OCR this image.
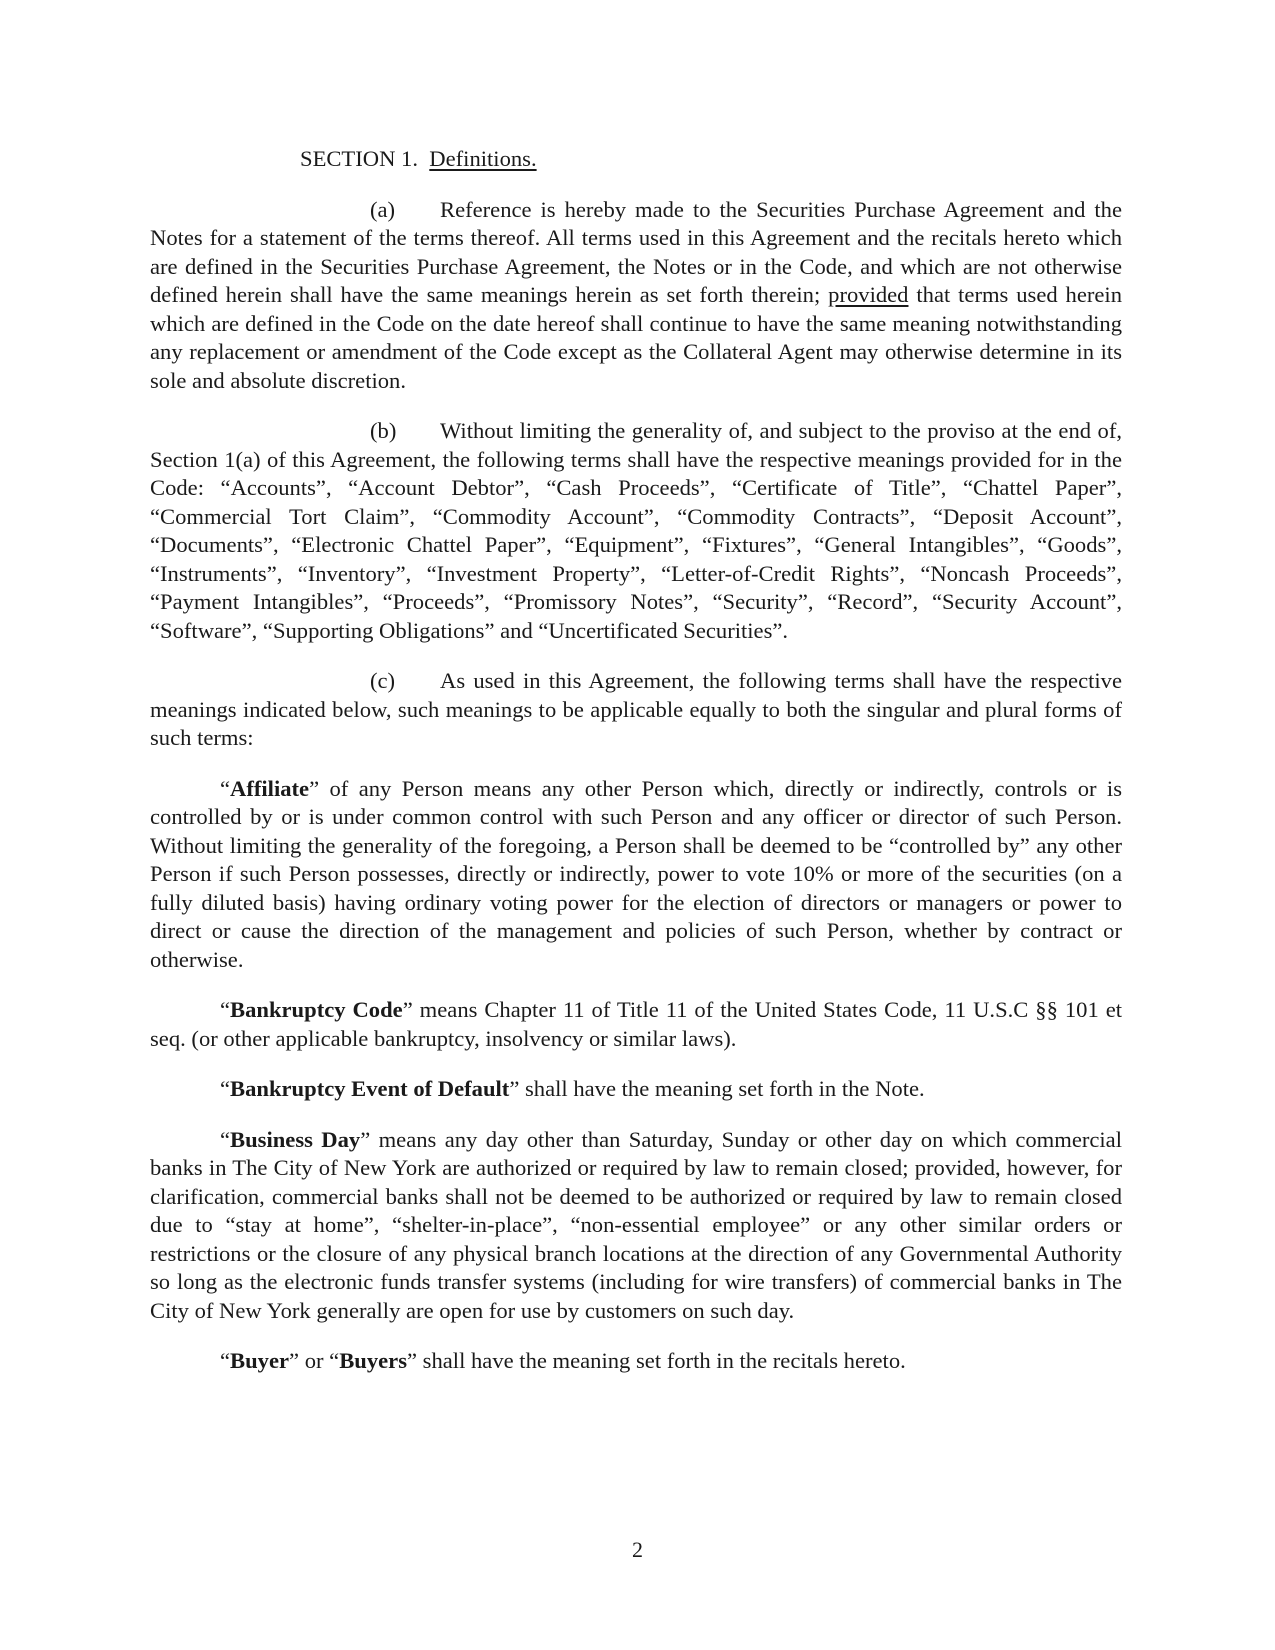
SECTION 1. Definitions.

(a) Reference is hereby made to the Securities Purchase Agreement and the Notes for a statement of the terms thereof. All terms used in this Agreement and the recitals hereto which are defined in the Securities Purchase Agreement, the Notes or in the Code, and which are not otherwise defined herein shall have the same meanings herein as set forth therein; provided that terms used herein which are defined in the Code on the date hereof shall continue to have the same meaning notwithstanding any replacement or amendment of the Code except as the Collateral Agent may otherwise determine in its sole and absolute discretion.

(b) Without limiting the generality of, and subject to the proviso at the end of, Section 1(a) of this Agreement, the following terms shall have the respective meanings provided for in the Code: “Accounts”, “Account Debtor”, “Cash Proceeds”, “Certificate of Title”, “Chattel Paper”, “Commercial Tort Claim”, “Commodity Account”, “Commodity Contracts”, “Deposit Account”, “Documents”, “Electronic Chattel Paper”, “Equipment”, “Fixtures”, “General Intangibles”, “Goods”, “Instruments”, “Inventory”, “Investment Property”, “Letter-of-Credit Rights”, “Noncash Proceeds”, “Payment Intangibles”, “Proceeds”, “Promissory Notes”, “Security”, “Record”, “Security Account”, “Software”, “Supporting Obligations” and “Uncertificated Securities”.

(c) As used in this Agreement, the following terms shall have the respective meanings indicated below, such meanings to be applicable equally to both the singular and plural forms of such terms:

“Affiliate” of any Person means any other Person which, directly or indirectly, controls or is controlled by or is under common control with such Person and any officer or director of such Person. Without limiting the generality of the foregoing, a Person shall be deemed to be “controlled by” any other Person if such Person possesses, directly or indirectly, power to vote 10% or more of the securities (on a fully diluted basis) having ordinary voting power for the election of directors or managers or power to direct or cause the direction of the management and policies of such Person, whether by contract or otherwise.

“Bankruptcy Code” means Chapter 11 of Title 11 of the United States Code, 11 U.S.C §§ 101 et seq. (or other applicable bankruptcy, insolvency or similar laws).

“Bankruptcy Event of Default” shall have the meaning set forth in the Note.

“Business Day” means any day other than Saturday, Sunday or other day on which commercial banks in The City of New York are authorized or required by law to remain closed; provided, however, for clarification, commercial banks shall not be deemed to be authorized or required by law to remain closed due to “stay at home”, “shelter-in-place”, “non-essential employee” or any other similar orders or restrictions or the closure of any physical branch locations at the direction of any Governmental Authority so long as the electronic funds transfer systems (including for wire transfers) of commercial banks in The City of New York generally are open for use by customers on such day.

“Buyer” or “Buyers” shall have the meaning set forth in the recitals hereto.

2
